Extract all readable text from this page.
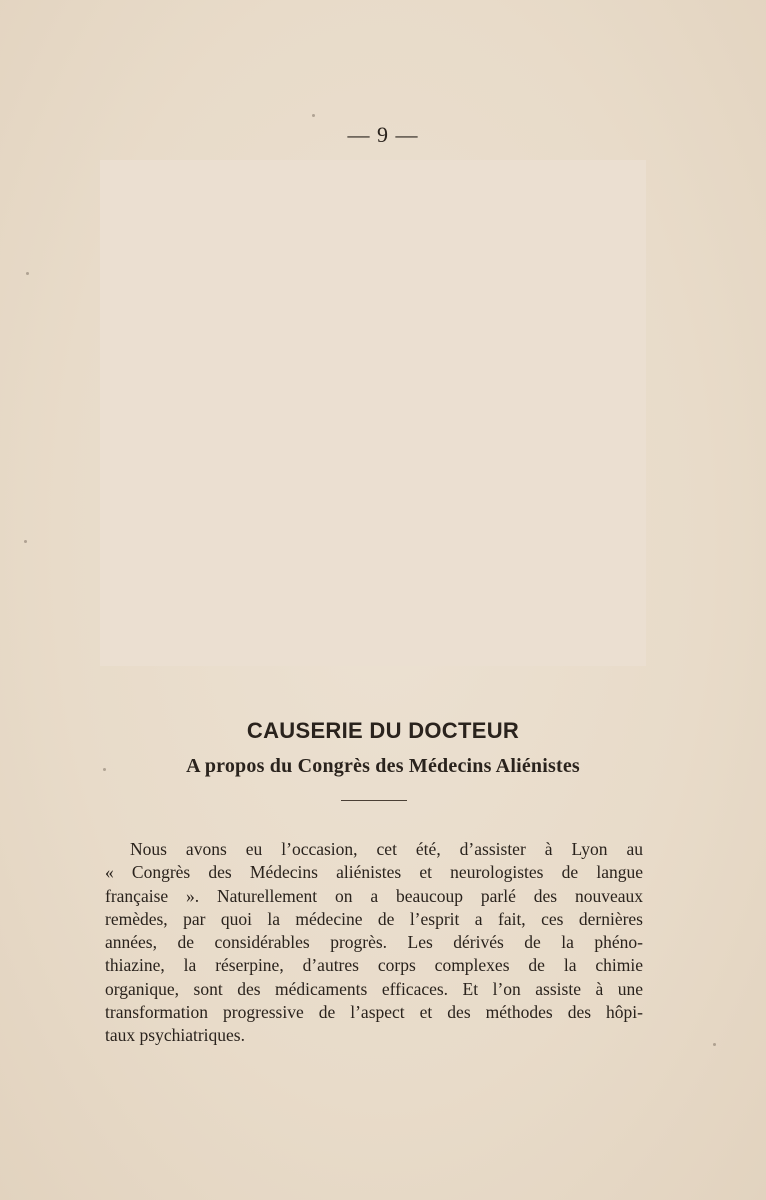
— 9 —
CAUSERIE DU DOCTEUR
A propos du Congrès des Médecins Aliénistes
Nous avons eu l’occasion, cet été, d’assister à Lyon au
« Congrès des Médecins aliénistes et neurologistes de langue
française ». Naturellement on a beaucoup parlé des nouveaux
remèdes, par quoi la médecine de l’esprit a fait, ces dernières
années, de considérables progrès. Les dérivés de la phéno-
thiazine, la réserpine, d’autres corps complexes de la chimie
organique, sont des médicaments efficaces. Et l’on assiste à une
transformation progressive de l’aspect et des méthodes des hôpi-
taux psychiatriques.
